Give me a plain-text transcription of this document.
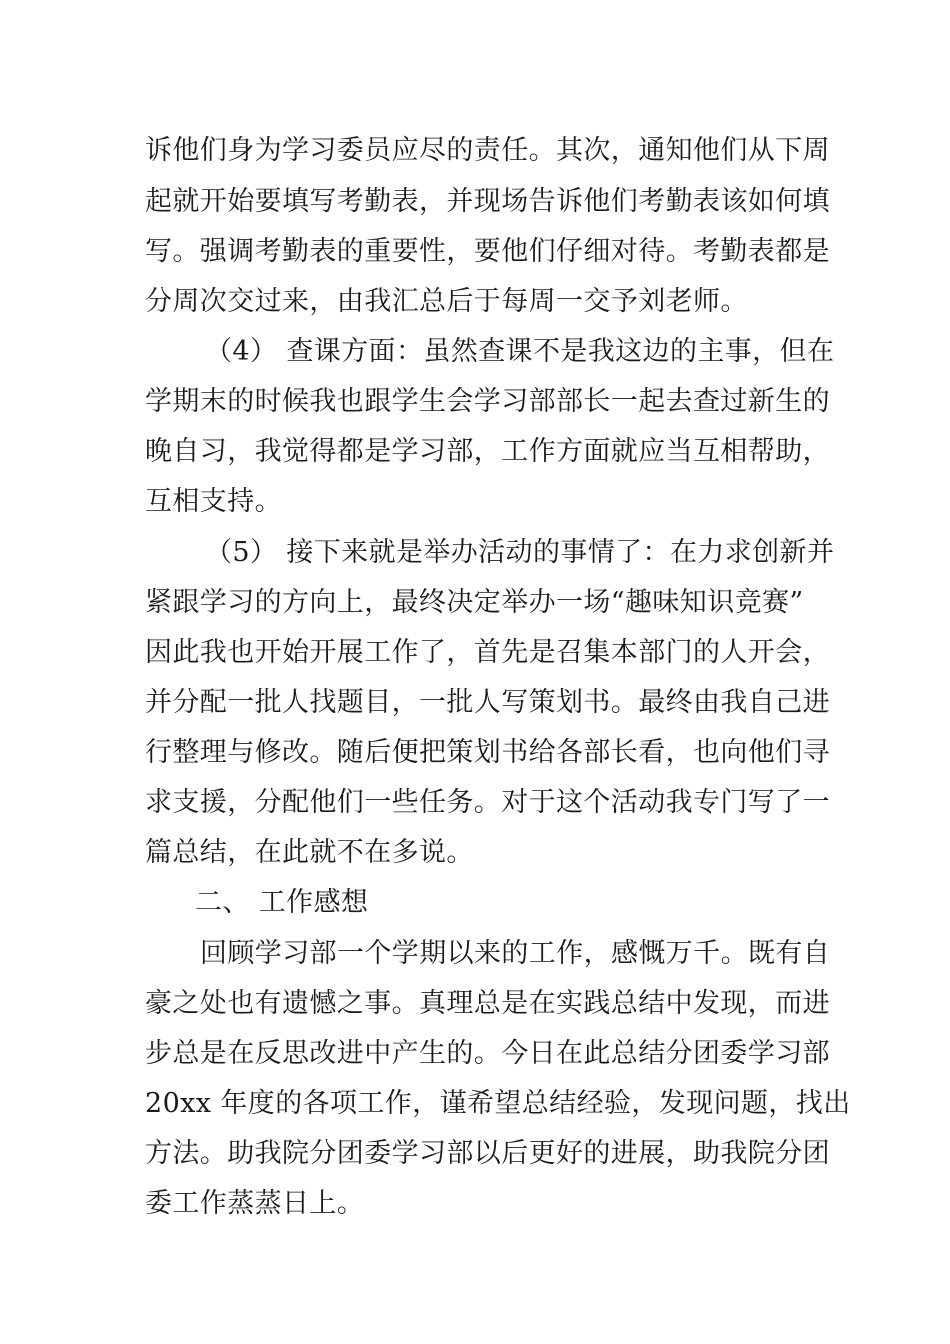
诉他们身为学习委员应尽的责任。其次，通知他们从下周
起就开始要填写考勤表，并现场告诉他们考勤表该如何填
写。强调考勤表的重要性，要他们仔细对待。考勤表都是
分周次交过来，由我汇总后于每周一交予刘老师。
（4） 查课方面：虽然查课不是我这边的主事，但在
学期末的时候我也跟学生会学习部部长一起去查过新生的
晚自习，我觉得都是学习部，工作方面就应当互相帮助，
互相支持。
（5） 接下来就是举办活动的事情了：在力求创新并
紧跟学习的方向上，最终决定举办一场“趣味知识竞赛”
因此我也开始开展工作了，首先是召集本部门的人开会，
并分配一批人找题目，一批人写策划书。最终由我自己进
行整理与修改。随后便把策划书给各部长看，也向他们寻
求支援，分配他们一些任务。对于这个活动我专门写了一
篇总结，在此就不在多说。
二、 工作感想
回顾学习部一个学期以来的工作，感慨万千。既有自
豪之处也有遗憾之事。真理总是在实践总结中发现，而进
步总是在反思改进中产生的。今日在此总结分团委学习部
20xx 年度的各项工作，谨希望总结经验，发现问题，找出
方法。助我院分团委学习部以后更好的进展，助我院分团
委工作蒸蒸日上。
